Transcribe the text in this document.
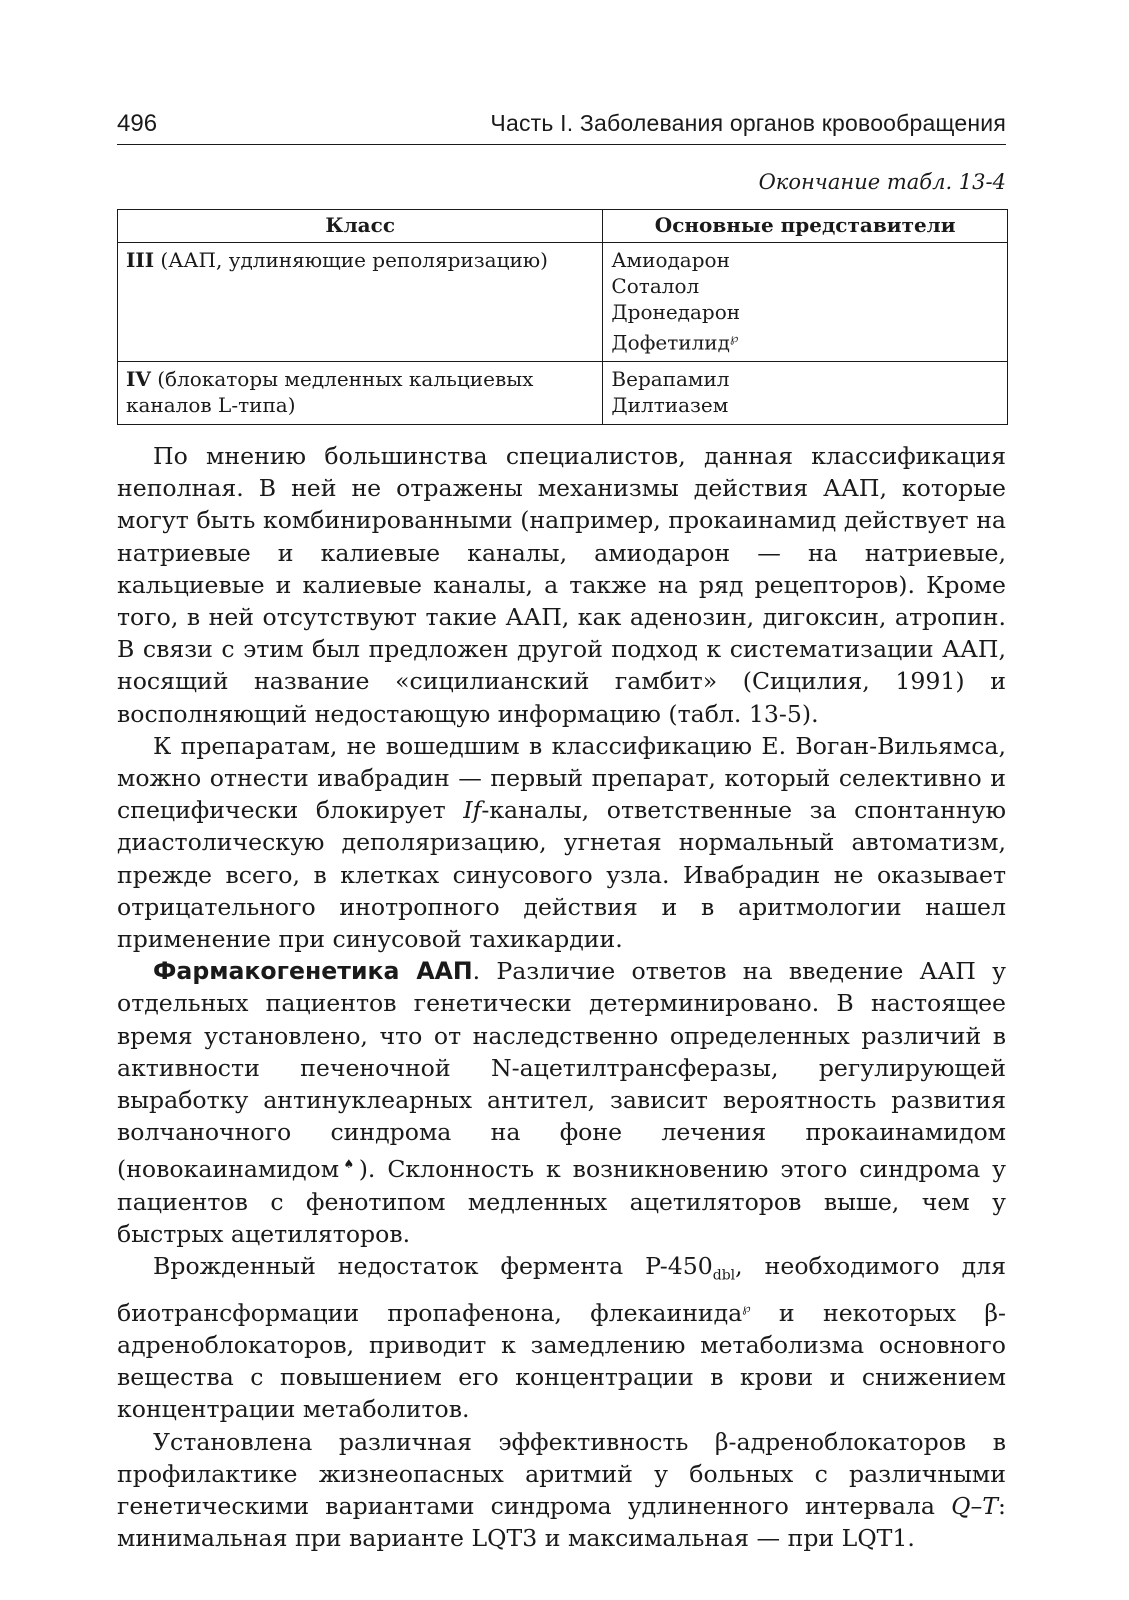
496	Часть I. Заболевания органов кровообращения
Окончание табл. 13-4
Класс	Основные представители
III (ААП, удлиняющие реполяризацию)	Амиодарон
Соталол
Дронедарон
Дофетилид℘

IV (блокаторы медленных кальциевых каналов L-типа)	Верапамил
Дилтиазем

По мнению большинства специалистов, данная классификация неполная. В ней не отражены механизмы действия ААП, которые могут быть комбинированными (например, прокаинамид действует на натриевые и калиевые каналы, амиодарон — на натриевые, кальциевые и калиевые каналы, а также на ряд рецепторов). Кроме того, в ней отсутствуют такие ААП, как аденозин, дигоксин, атропин. В связи с этим был предложен другой подход к систематизации ААП, носящий название «сицилианский гамбит» (Сицилия, 1991) и восполняющий недостающую информацию (табл. 13-5).

К препаратам, не вошедшим в классификацию Е. Воган-Вильямса, можно отнести ивабрадин — первый препарат, который селективно и специфически блокирует If-каналы, ответственные за спонтанную диастолическую деполяризацию, угнетая нормальный автоматизм, прежде всего, в клетках синусового узла. Ивабрадин не оказывает отрицательного инотропного действия и в аритмологии нашел применение при синусовой тахикардии.

Фармакогенетика ААП. Различие ответов на введение ААП у отдельных пациентов генетически детерминировано. В настоящее время установлено, что от наследственно определенных различий в активности печеночной N-ацетилтрансферазы, регулирующей выработку антинуклеарных антител, зависит вероятность развития волчаночного синдрома на фоне лечения прокаинамидом (новокаинамидом♠). Склонность к возникновению этого синдрома у пациентов с фенотипом медленных ацетиляторов выше, чем у быстрых ацетиляторов.

Врожденный недостаток фермента $P-450_{dbl}$, необходимого для биотрансформации пропафенона, флекаинида℘ и некоторых β-адреноблокаторов, приводит к замедлению метаболизма основного вещества с повышением его концентрации в крови и снижением концентрации метаболитов.

Установлена различная эффективность β-адреноблокаторов в профилактике жизнеопасных аритмий у больных с различными генетическими вариантами синдрома удлиненного интервала Q–T: минимальная при варианте LQT3 и максимальная — при LQT1.
